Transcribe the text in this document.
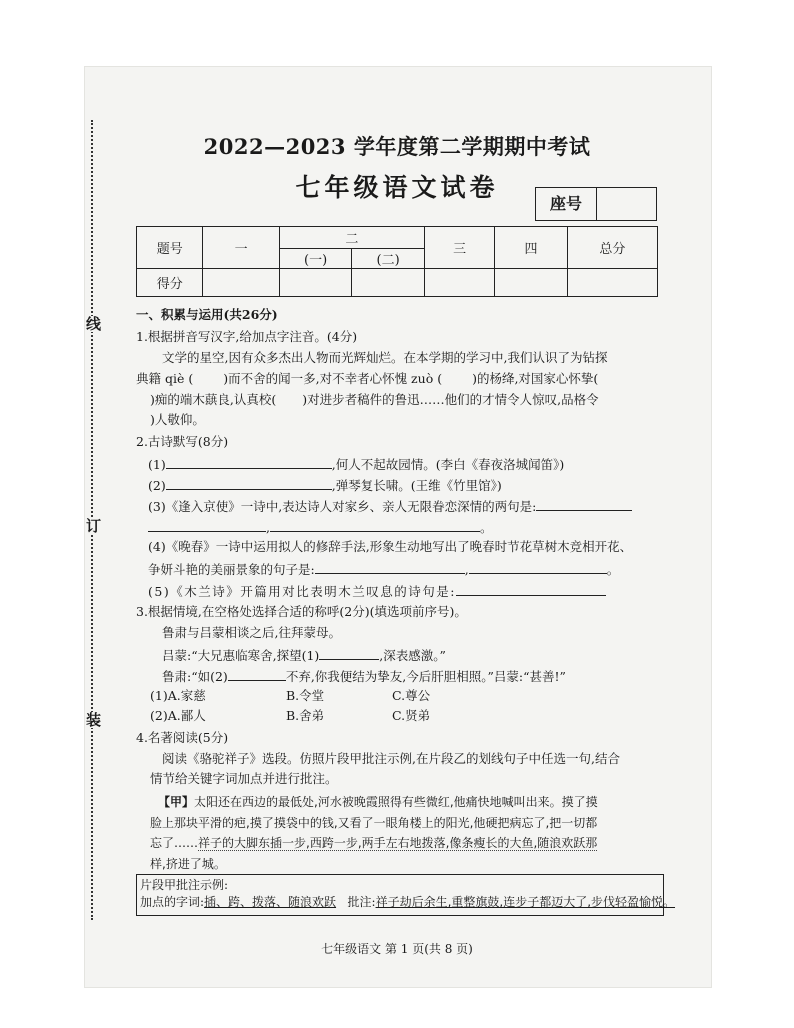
线
订
装
2022—2023 学年度第二学期期中考试
七年级语文试卷
座号
题号	一	二		三	四	总分
		(一)	(二)			
得分						
一、积累与运用(共26分)
1.根据拼音写汉字,给加点字注音。(4分)
文学的星空,因有众多杰出人物而光辉灿烂。在本学期的学习中,我们认识了为钻探
典籍 qiè ( )而不舍的闻一多,对不幸者心怀愧 zuò ( )的杨绛,对国家心怀挚(
)痴的端木蕻良,认真校( )对进步者稿件的鲁迅……他们的才情令人惊叹,品格令
)人敬仰。
2.古诗默写(8分)
(1)	,何人不起故园情。(李白《春夜洛城闻笛》)
(2)	,弹琴复长啸。(王维《竹里馆》)
(3)《逢入京使》一诗中,表达诗人对家乡、亲人无限眷恋深情的两句是:
,	。
(4)《晚春》一诗中运用拟人的修辞手法,形象生动地写出了晚春时节花草树木竞相开花、
争妍斗艳的美丽景象的句子是:	,	。
(5)《木兰诗》开篇用对比表明木兰叹息的诗句是:
3.根据情境,在空格处选择合适的称呼(2分)(填选项前序号)。
鲁肃与吕蒙相谈之后,往拜蒙母。
吕蒙:“大兄惠临寒舍,探望(1)	,深表感激。”
鲁肃:“如(2)	不弃,你我便结为挚友,今后肝胆相照。”吕蒙:“甚善!”
(1)A.家慈	B.令堂	C.尊公
(2)A.鄙人	B.舍弟	C.贤弟
4.名著阅读(5分)
阅读《骆驼祥子》选段。仿照片段甲批注示例,在片段乙的划线句子中任选一句,结合
情节给关键字词加点并进行批注。
【甲】太阳还在西边的最低处,河水被晚霞照得有些微红,他痛快地喊叫出来。摸了摸
脸上那块平滑的疤,摸了摸袋中的钱,又看了一眼角楼上的阳光,他硬把病忘了,把一切都
忘了……祥子的大脚东插一步,西跨一步,两手左右地拨落,像条瘦长的大鱼,随浪欢跃那
样,挤进了城。
片段甲批注示例:
加点的字词:插、跨、拨落、随浪欢跃 批注:祥子劫后余生,重整旗鼓,连步子都迈大了,步伐轻盈愉悦。
七年级语文 第 1 页(共 8 页)
